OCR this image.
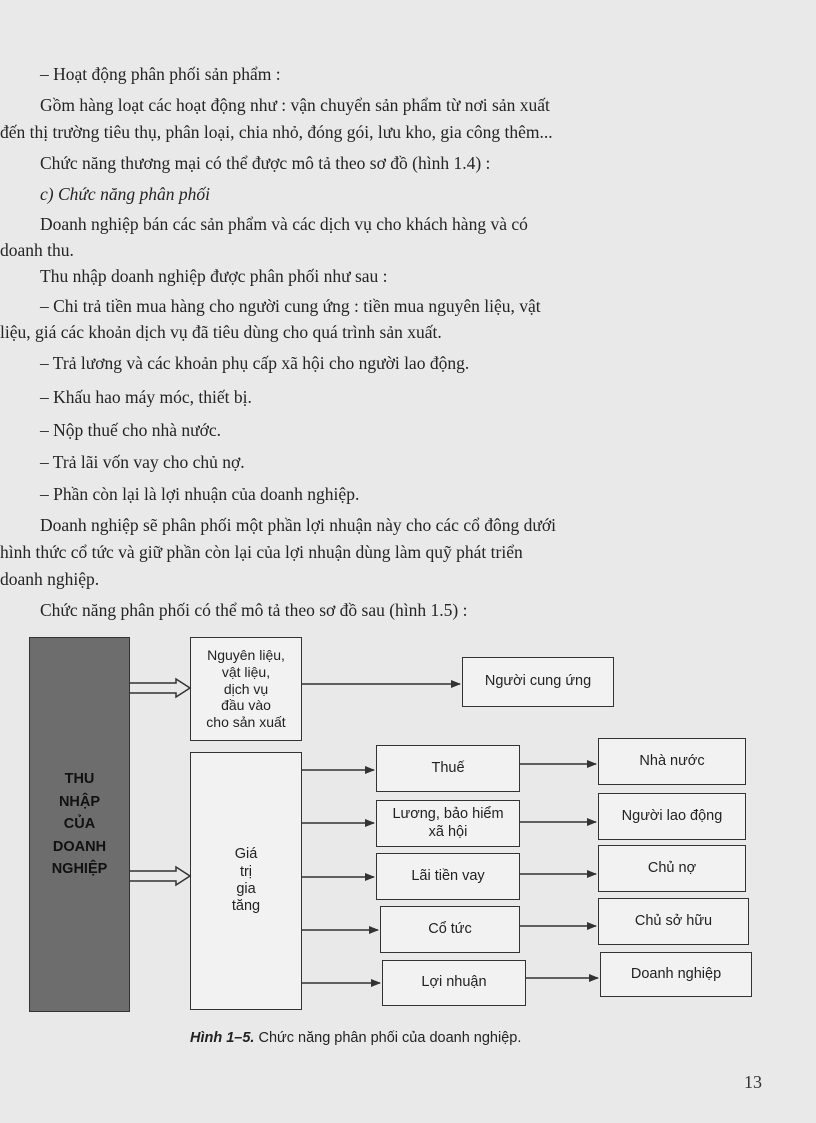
– Hoạt động phân phối sản phẩm :
Gồm hàng loạt các hoạt động như : vận chuyển sản phẩm từ nơi sản xuất
đến thị trường tiêu thụ, phân loại, chia nhỏ, đóng gói, lưu kho, gia công thêm...
Chức năng thương mại có thể được mô tả theo sơ đồ (hình 1.4) :
c) Chức năng phân phối
Doanh nghiệp bán các sản phẩm và các dịch vụ cho khách hàng và có
doanh thu.
Thu nhập doanh nghiệp được phân phối như sau :
– Chi trả tiền mua hàng cho người cung ứng : tiền mua nguyên liệu, vật
liệu, giá các khoản dịch vụ đã tiêu dùng cho quá trình sản xuất.
– Trả lương và các khoản phụ cấp xã hội cho người lao động.
– Khấu hao máy móc, thiết bị.
– Nộp thuế cho nhà nước.
– Trả lãi vốn vay cho chủ nợ.
– Phần còn lại là lợi nhuận của doanh nghiệp.
Doanh nghiệp sẽ phân phối một phần lợi nhuận này cho các cổ đông dưới
hình thức cổ tức và giữ phần còn lại của lợi nhuận dùng làm quỹ phát triển
doanh nghiệp.
Chức năng phân phối có thể mô tả theo sơ đồ sau (hình 1.5) :
THU
NHẬP
CỦA
DOANH
NGHIỆP
Nguyên liệu,
vật liệu,
dịch vụ
đầu vào
cho sản xuất
Giá
trị
gia
tăng
Người cung ứng
Thuế
Lương, bảo hiểm
xã hội
Lãi tiền vay
Cổ tức
Lợi nhuận
Nhà nước
Người lao động
Chủ nợ
Chủ sở hữu
Doanh nghiệp
Hình 1–5. Chức năng phân phối của doanh nghiệp.
13
